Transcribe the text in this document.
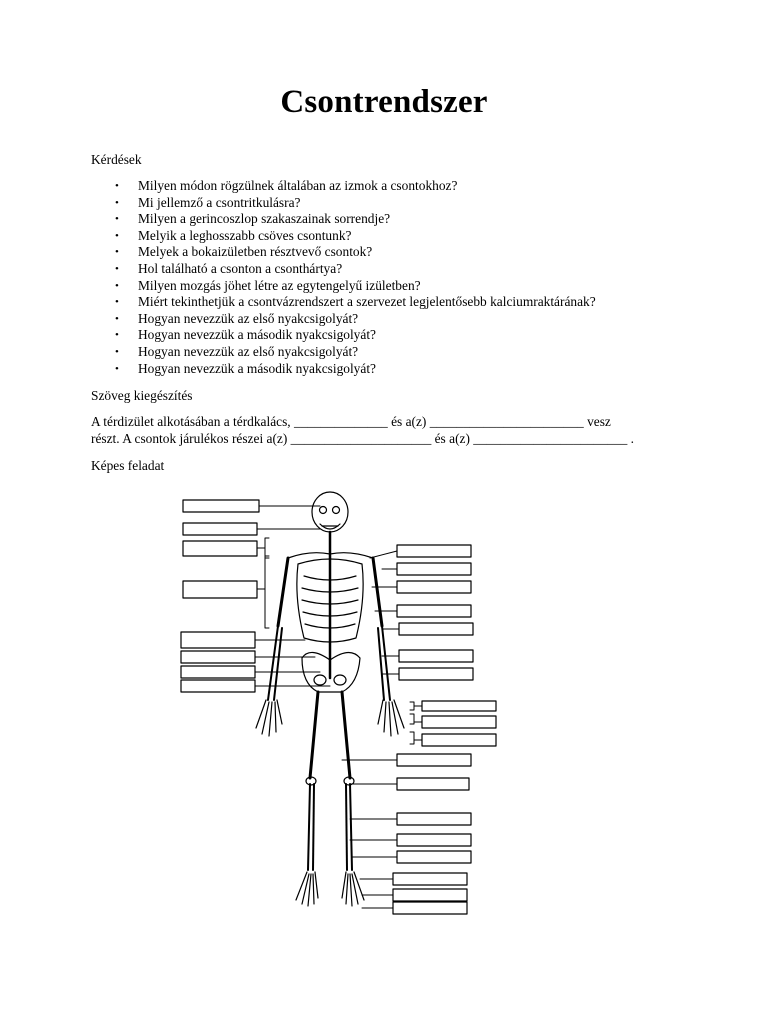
Csontrendszer
Kérdések
• Milyen módon rögzülnek általában az izmok a csontokhoz?
• Mi jellemző a csontritkulásra?
• Milyen a gerincoszlop szakaszainak sorrendje?
• Melyik a leghosszabb csöves csontunk?
• Melyek a bokaizületben résztvevő csontok?
• Hol található a csonton a csonthártya?
• Milyen mozgás jöhet létre az egytengelyű izületben?
• Miért tekinthetjük a csontvázrendszert a szervezet legjelentősebb kalciumraktárának?
• Hogyan nevezzük az első nyakcsigolyát?
• Hogyan nevezzük a második nyakcsigolyát?
• Hogyan nevezzük az első nyakcsigolyát?
• Hogyan nevezzük a második nyakcsigolyát?
Szöveg kiegészítés
A térdizület alkotásában a térdkalács, ______________ és a(z) _______________________ vesz
részt. A csontok járulékos részei a(z) _____________________ és a(z) _______________________ .
Képes feladat
